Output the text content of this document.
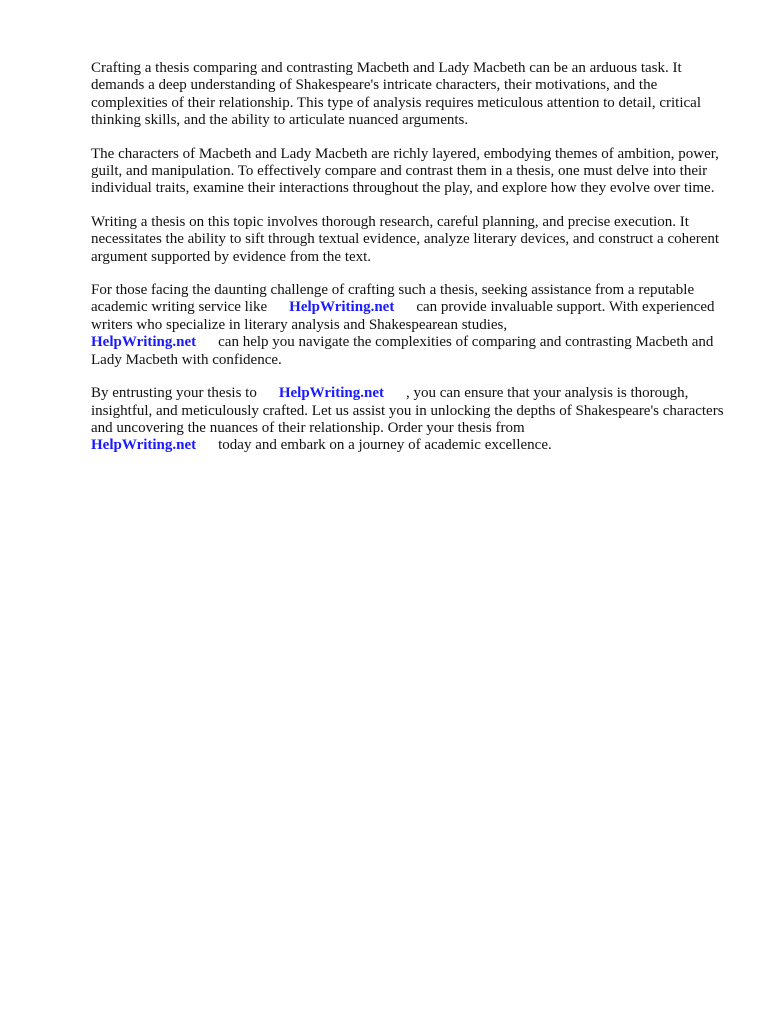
Crafting a thesis comparing and contrasting Macbeth and Lady Macbeth can be an arduous task. It demands a deep understanding of Shakespeare's intricate characters, their motivations, and the complexities of their relationship. This type of analysis requires meticulous attention to detail, critical thinking skills, and the ability to articulate nuanced arguments.

The characters of Macbeth and Lady Macbeth are richly layered, embodying themes of ambition, power, guilt, and manipulation. To effectively compare and contrast them in a thesis, one must delve into their individual traits, examine their interactions throughout the play, and explore how they evolve over time.

Writing a thesis on this topic involves thorough research, careful planning, and precise execution. It necessitates the ability to sift through textual evidence, analyze literary devices, and construct a coherent argument supported by evidence from the text.

For those facing the daunting challenge of crafting such a thesis, seeking assistance from a reputable academic writing service like HelpWriting.net can provide invaluable support. With experienced writers who specialize in literary analysis and Shakespearean studies,
HelpWriting.net can help you navigate the complexities of comparing and contrasting Macbeth and Lady Macbeth with confidence.

By entrusting your thesis to HelpWriting.net , you can ensure that your analysis is thorough, insightful, and meticulously crafted. Let us assist you in unlocking the depths of Shakespeare's characters and uncovering the nuances of their relationship. Order your thesis from
HelpWriting.net today and embark on a journey of academic excellence.
